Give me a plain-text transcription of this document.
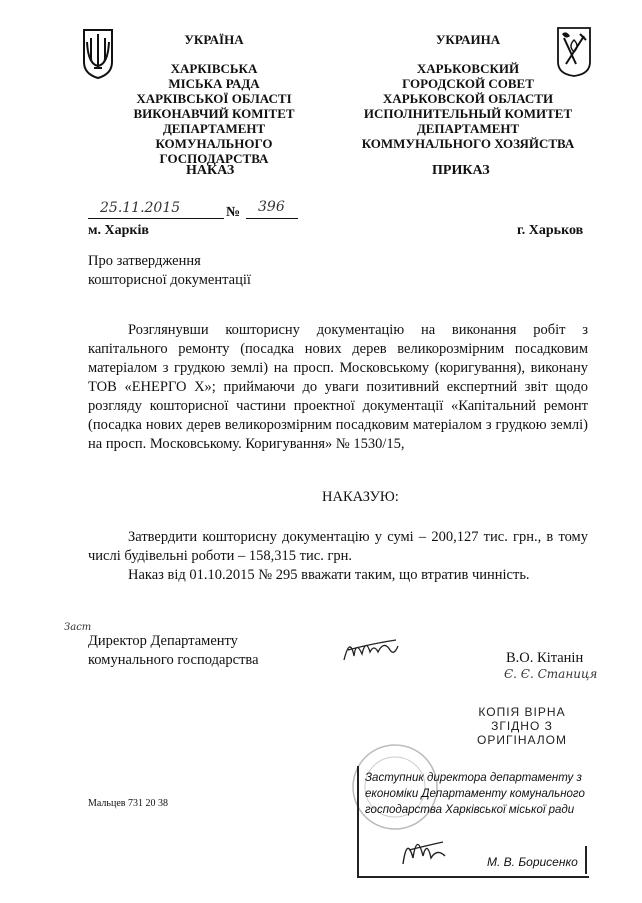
УКРАЇНА
ХАРКІВСЬКА
МІСЬКА РАДА
ХАРКІВСЬКОЇ ОБЛАСТІ
ВИКОНАВЧИЙ КОМІТЕТ
ДЕПАРТАМЕНТ
КОМУНАЛЬНОГО ГОСПОДАРСТВА
УКРАИНА
ХАРЬКОВСКИЙ
ГОРОДСКОЙ СОВЕТ
ХАРЬКОВСКОЙ ОБЛАСТИ
ИСПОЛНИТЕЛЬНЫЙ КОМИТЕТ
ДЕПАРТАМЕНТ
КОММУНАЛЬНОГО ХОЗЯЙСТВА
НАКАЗ	ПРИКАЗ
25.11.2015	№ 396
м. Харків	г. Харьков
Про затвердження
кошторисної документації
Розглянувши кошторисну документацію на виконання робіт з капітального ремонту (посадка нових дерев великорозмірним посадковим матеріалом з грудкою землі) на просп. Московському (коригування), виконану ТОВ «ЕНЕРГО Х»; приймаючи до уваги позитивний експертний звіт щодо розгляду кошторисної частини проектної документації «Капітальний ремонт (посадка нових дерев великорозмірним посадковим матеріалом з грудкою землі) на просп. Московському. Коригування» № 1530/15,
НАКАЗУЮ:
Затвердити кошторисну документацію у сумі – 200,127 тис. грн., в тому числі будівельні роботи – 158,315 тис. грн.
Наказ від 01.10.2015 № 295 вважати таким, що втратив чинність.
Заст
Директор Департаменту
комунального господарства	В.О. Кітанін
Є. Є. Станиця
КОПІЯ ВІРНА
ЗГІДНО З
ОРИГІНАЛОМ
Мальцев 731 20 38
Заступник директора департаменту з
економіки Департаменту комунального
господарства Харківської міської ради
М. В. Борисенко
